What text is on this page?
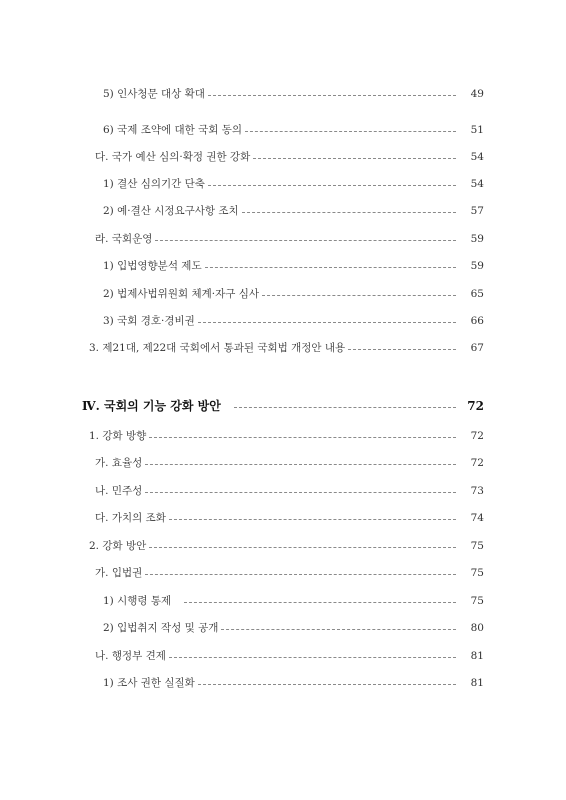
5) 인사청문 대상 확대	49
6) 국제 조약에 대한 국회 동의	51
다. 국가 예산 심의·확정 권한 강화	54
1) 결산 심의기간 단축	54
2) 예·결산 시정요구사항 조치	57
라. 국회운영	59
1) 입법영향분석 제도	59
2) 법제사법위원회 체계·자구 심사	65
3) 국회 경호·경비권	66
3. 제21대, 제22대 국회에서 통과된 국회법 개정안 내용	67
Ⅳ. 국회의 기능 강화 방안	72
1. 강화 방향	72
가. 효율성	72
나. 민주성	73
다. 가치의 조화	74
2. 강화 방안	75
가. 입법권	75
1) 시행령 통제	75
2) 입법취지 작성 및 공개	80
나. 행정부 견제	81
1) 조사 권한 실질화	81
